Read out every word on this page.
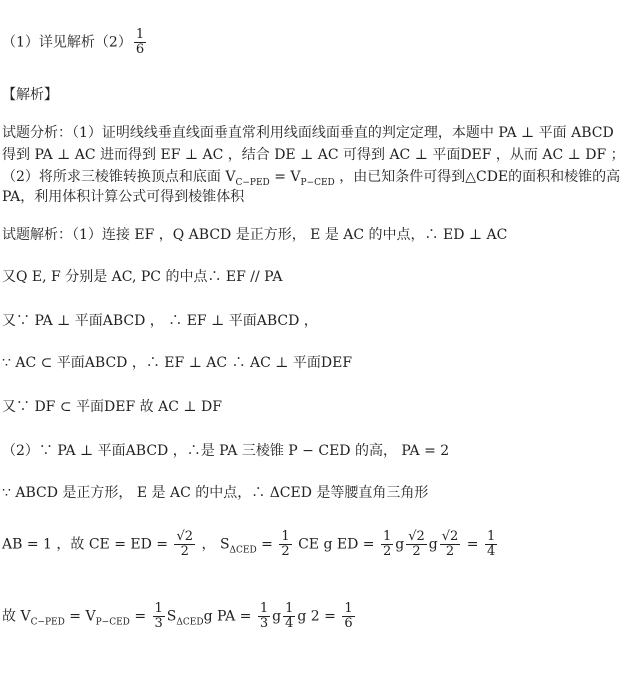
（1）详见解析$(2) \frac{1}{6}$
【解析】
试题分析：（1）证明线线垂直线面垂直常利用线面线面垂直的判定定理，本题中 PA ⊥ 平面 ABCD
得到 PA ⊥ AC 进而得到 EF ⊥ AC ，结合 DE ⊥ AC 可得到 AC ⊥ 平面DEF ，从而 AC ⊥ DF ；
（2）将所求三棱锥转换顶点和底面 $V_{C-PED} = V_{P-CED}$ ，由已知条件可得到△CDE的面积和棱锥的高
PA，利用体积计算公式可得到棱锥体积
试题解析：（1）连接 EF ，Q ABCD 是正方形， E 是 AC 的中点，∴ ED ⊥ AC
又Q E, F 分别是 AC, PC 的中点∴ EF // PA
又∵ PA ⊥ 平面ABCD ， ∴ EF ⊥ 平面ABCD ，
∵ AC ⊂ 平面ABCD ，∴ EF ⊥ AC ∴ AC ⊥ 平面DEF
又∵ DF ⊂ 平面DEF 故 AC ⊥ DF
（2）∵ PA ⊥ 平面ABCD ，∴是 PA 三棱锥 P − CED 的高， PA = 2
∵ ABCD 是正方形， E 是 AC 的中点，∴ ΔCED 是等腰直角三角形
AB = 1 ，故 CE = ED = $\frac{√2}{2}$ ， $S_{\Delta CED} = \frac{1}{2}$ CE g ED = $\frac{1}{2}$ g $\frac{√2}{2}$ g $\frac{√2}{2} = \frac{1}{4}$
故 $V_{C-PED} = V_{P-CED} = \frac{1}{3} S_{\Delta CED}g$ PA = $\frac{1}{3}$ g $\frac{1}{4}$ g $2 = \frac{1}{6}$
